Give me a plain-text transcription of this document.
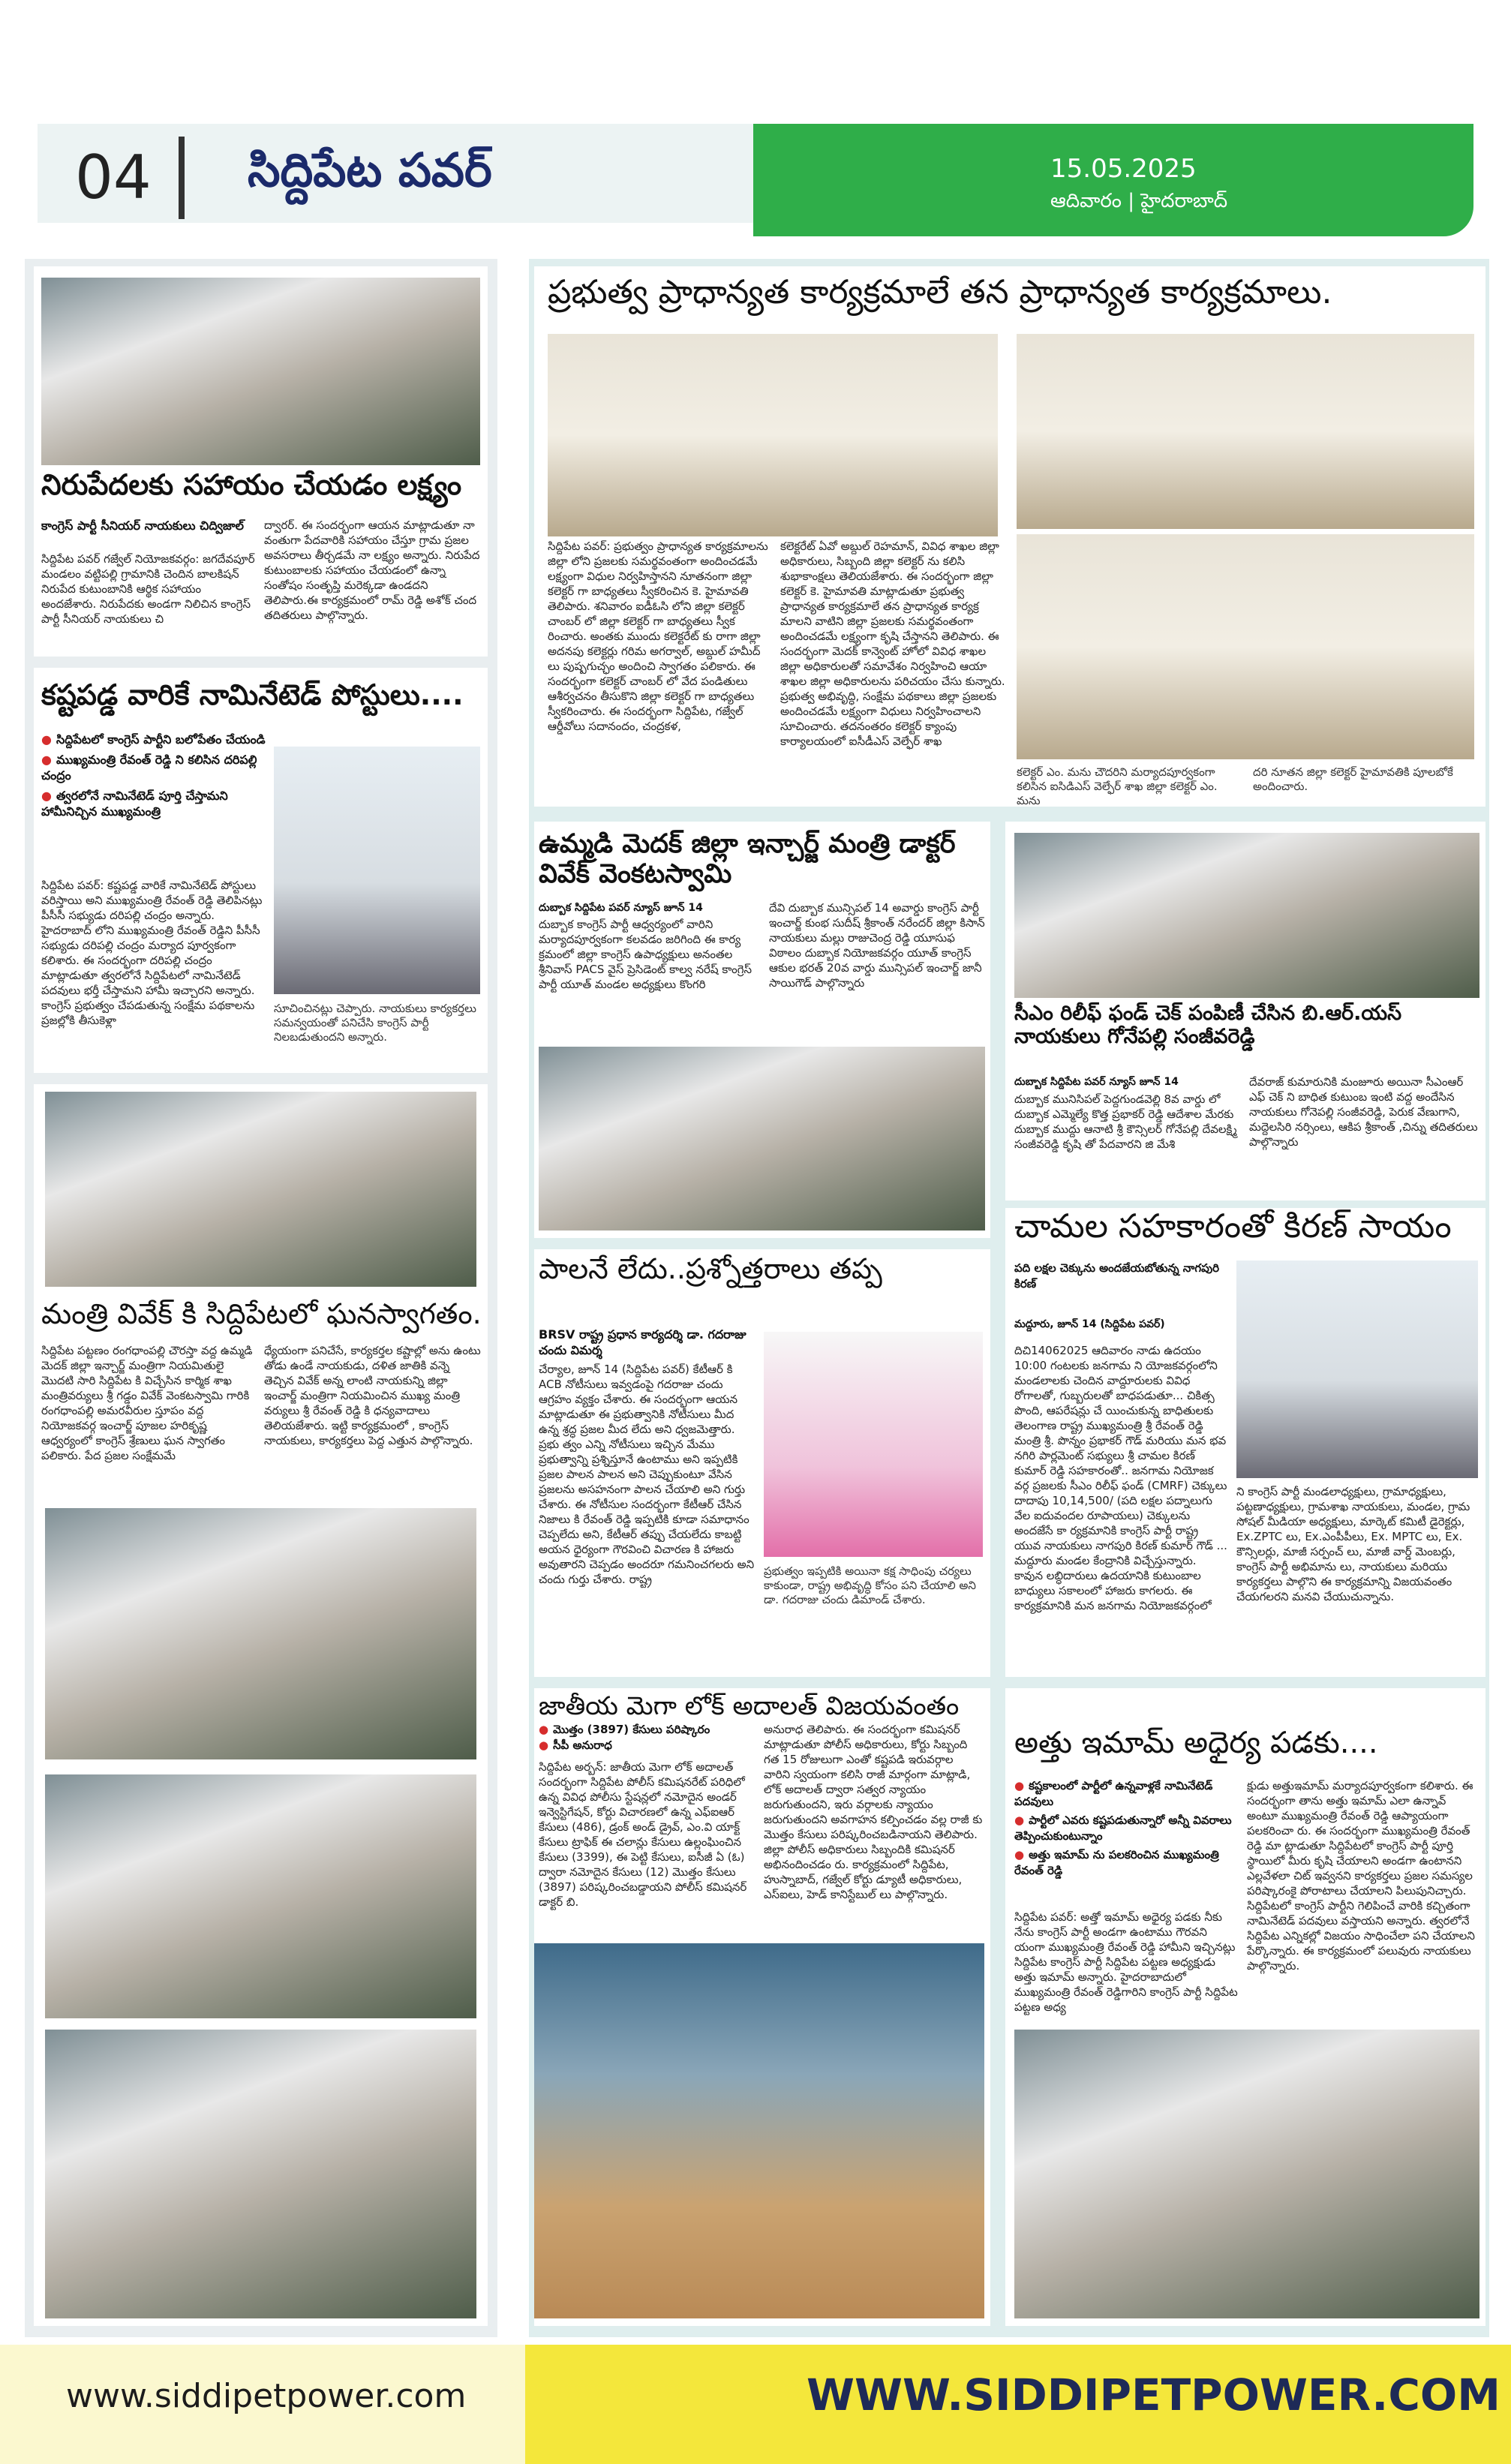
04 సిద్దిపేట పవర్	15.05.2025
ఆదివారం | హైదరాబాద్
నిరుపేదలకు సహాయం చేయడం లక్ష్యం
కాంగ్రెస్ పార్టీ సీనియర్ నాయకులు చిద్విజాల్
సిద్దిపేట పవర్ గజ్వేల్ నియోజకవర్గం: జగదేవపూర్ మండలం వట్టిపల్లి గ్రామానికి చెందిన బాలకిషన్ నిరుపేద కుటుంబానికి ఆర్థిక సహాయం అందజేశారు. నిరుపేదకు అండగా నిలిచిన కాంగ్రెస్ పార్టీ సీనియర్ నాయకులు చి
ద్వారర్. ఈ సందర్భంగా ఆయన మాట్లాడుతూ నా వంతుగా పేదవారికి సహాయం చేస్తూ గ్రామ ప్రజల అవసరాలు తీర్చడమే నా లక్ష్యం అన్నారు. నిరుపేద కుటుంబాలకు సహాయం చేయడంలో ఉన్నా సంతోషం సంతృప్తి మరెక్కడా ఉండదని తెలిపారు.ఈ కార్యక్రమంలో రామ్ రెడ్డి అశోక్ చంద తదితరులు పాల్గొన్నారు.
కష్టపడ్డ వారికే నామినేటెడ్ పోస్టులు....
● సిద్దిపేటలో కాంగ్రెస్ పార్టీని బలోపేతం చేయండి
● ముఖ్యమంత్రి రేవంత్ రెడ్డి ని కలిసిన దరిపల్లి చంద్రం
● త్వరలోనే నామినేటెడ్ పూర్తి చేస్తామని హామీనిచ్చిన ముఖ్యమంత్రి
సిద్దిపేట పవర్: కష్టపడ్డ వారికే నామినేటెడ్ పోస్టులు వరిస్తాయి అని ముఖ్యమంత్రి రేవంత్ రెడ్డి తెలిపినట్లు పీసీసీ సభ్యుడు దరిపల్లి చంద్రం అన్నారు. హైదరాబాద్ లోని ముఖ్యమంత్రి రేవంత్ రెడ్డిని పీసీసీ సభ్యుడు దరిపల్లి చంద్రం మర్యాద పూర్వకంగా కలిశారు. ఈ సందర్భంగా దరిపల్లి చంద్రం మాట్లాడుతూ త్వరలోనే సిద్దిపేటలో నామినేటెడ్ పదవులు భర్తీ చేస్తామని హామీ ఇచ్చారని అన్నారు. కాంగ్రెస్ ప్రభుత్వం చేపడుతున్న సంక్షేమ పథకాలను ప్రజల్లోకి తీసుకెళ్లా
సూచించినట్లు చెప్పారు. నాయకులు కార్యకర్తలు సమన్వయంతో పనిచేసి కాంగ్రెస్ పార్టీ నిలబడుతుందని అన్నారు.
మంత్రి వివేక్ కి సిద్దిపేటలో ఘనస్వాగతం.
సిద్దిపేట పట్టణం రంగధాంపల్లి చౌరస్తా వద్ద ఉమ్మడి మెదక్ జిల్లా ఇన్చార్జ్ మంత్రిగా నియమితులై మొదటి సారి సిద్దిపేట కి విచ్చేసిన కార్మిక శాఖ మంత్రివర్యులు శ్రీ గడ్డం వివేక్ వెంకటస్వామి గారికి రంగధాంపల్లి అమరవీరుల స్తూపం వద్ద నియోజకవర్గ ఇంచార్జ్ పూజల హరికృష్ణ ఆధ్వర్యంలో కాంగ్రెస్ శ్రేణులు ఘన స్వాగతం పలికారు. పేద ప్రజల సంక్షేమమే
ధ్యేయంగా పనిచేసే, కార్యకర్తల కష్టాల్లో అను ఉంటు తోడు ఉండే నాయకుడు, దళిత జాతికి వన్నె తెచ్చిన వివేక్ అన్న లాంటి నాయకున్ని జిల్లా ఇంచార్జ్ మంత్రిగా నియమించిన ముఖ్య మంత్రి వర్యులు శ్రీ రేవంత్ రెడ్డి కి ధన్యవాదాలు తెలియజేశారు. ఇట్టి కార్యక్రమంలో , కాంగ్రెస్ నాయకులు, కార్యకర్తలు పెద్ద ఎత్తున పాల్గొన్నారు.
ప్రభుత్వ ప్రాధాన్యత కార్యక్రమాలే తన ప్రాధాన్యత కార్యక్రమాలు.
సిద్దిపేట పవర్: ప్రభుత్వం ప్రాధాన్యత కార్యక్రమాలను జిల్లా లోని ప్రజలకు సమర్థవంతంగా అందించడమే లక్ష్యంగా విధుల నిర్వహిస్తానని నూతనంగా జిల్లా కలెక్టర్ గా బాధ్యతలు స్వీకరించిన కె. హైమావతి తెలిపారు. శనివారం ఐడీఓసి లోని జిల్లా కలెక్టర్ చాంబర్ లో జిల్లా కలెక్టర్ గా బాధ్యతలు స్వీక రించారు. అంతకు ముందు కలెక్టరేట్ కు రాగా జిల్లా అదనపు కలెక్టర్లు గరిమ అగర్వాల్, అబ్దుల్ హమీద్ లు పుష్పగుచ్ఛం అందించి స్వాగతం పలికారు. ఈ సందర్భంగా కలెక్టర్ చాంబర్ లో వేద పండితులు ఆశీర్వచనం తీసుకొని జిల్లా కలెక్టర్ గా బాధ్యతలు స్వీకరించారు. ఈ సందర్భంగా సిద్దిపేట, గజ్వేల్ ఆర్డీవోలు సదానందం, చంద్రకళ,
కలెక్టరేట్ ఏవో అబ్దుల్ రెహమాన్, వివిధ శాఖల జిల్లా అధికారులు, సిబ్బంది జిల్లా కలెక్టర్ ను కలిసి శుభాకాంక్షలు తెలియజేశారు. ఈ సందర్భంగా జిల్లా కలెక్టర్ కె. హైమావతి మాట్లాడుతూ ప్రభుత్వ ప్రాధాన్యత కార్యక్రమాలే తన ప్రాధాన్యత కార్యక్ర మాలని వాటిని జిల్లా ప్రజలకు సమర్థవంతంగా అందించడమే లక్ష్యంగా కృషి చేస్తానని తెలిపారు. ఈ సందర్భంగా మెదక్ కాన్వెంట్ హోలో వివిధ శాఖల జిల్లా అధికారులతో సమావేశం నిర్వహించి ఆయా శాఖల జిల్లా అధికారులను పరిచయం చేసు కున్నారు. ప్రభుత్వ అభివృద్ధి, సంక్షేమ పథకాలు జిల్లా ప్రజలకు అందించడమే లక్ష్యంగా విధులు నిర్వహించాలని సూచించారు. తదనంతరం కలెక్టర్ క్యాంపు కార్యాలయంలో ఐసీడీఎస్ వెల్ఫేర్ శాఖ
కలెక్టర్ ఎం. మను చౌదరిని మర్యాదపూర్వకంగా కలిసిన ఐసిడిఎస్ వెల్ఫేర్ శాఖ జిల్లా కలెక్టర్ ఎం. మను
దరి నూతన జిల్లా కలెక్టర్ హైమావతికి పూలబోకే అందించారు.
ఉమ్మడి మెదక్ జిల్లా ఇన్చార్జ్ మంత్రి డాక్టర్ వివేక్ వెంకటస్వామి
దుబ్బాక సిద్దిపేట పవర్ న్యూస్ జూన్ 14
దుబ్బాక కాంగ్రెస్ పార్టీ ఆధ్వర్యంలో వారిని మర్యాదపూర్వకంగా కలవడం జరిగింది ఈ కార్య క్రమంలో జిల్లా కాంగ్రెస్ ఉపాధ్యక్షులు అనంతల శ్రీనివాస్ PACS వైస్ ప్రెసిడెంట్ కాల్వ నరేష్ కాంగ్రెస్ పార్టీ యూత్ మండల అధ్యక్షులు కొంగరి
దేవి దుబ్బాక మున్సిపల్ 14 అవార్డు కాంగ్రెస్ పార్టీ ఇంచార్జ్ కుంభ సుదీష్ శ్రీకాంత్ నరేందర్ జిల్లా కిసాన్ నాయకులు మల్లు రాజుచెంద్ర రెడ్డి యూసుఫ విఠాలం దుబ్బాక నియోజకవర్గం యూత్ కాంగ్రెస్ ఆకుల భరత్ 20వ వార్డు మున్సిపల్ ఇంచార్జ్ జానీ సాయిగౌడ్ పాల్గొన్నారు
సీఎం రిలీఫ్ ఫండ్ చెక్ పంపిణీ చేసిన బి.ఆర్.యస్ నాయకులు గోనేపల్లి సంజీవరెడ్డి
దుబ్బాక సిద్దిపేట పవర్ న్యూస్ జూన్ 14
దుబ్బాక మునిసిపల్ పెద్దగుండవెల్లి 8వ వార్డు లో దుబ్బాక ఎమ్మెల్యే కొత్త ప్రభాకర్ రెడ్డి ఆదేశాల మేరకు దుబ్బాక ముద్దు ఆనాటి శ్రీ కౌన్సిలర్ గోనేపల్లి దేవలక్ష్మి సంజీవరెడ్డి కృషి తో పేదవారని జి మేశి
దేవరాజ్ కుమారునికి మంజూరు అయినా సీఎంఆర్ ఎఫ్ చెక్ ని బాధిత కుటుంబ ఇంటి వద్ద అందేసిన నాయకులు గోనెపల్లి సంజీవరెడ్డి, పెరుక వేణుగాని, మద్దెలసిరి నర్సింలు, ఆకిప శ్రీకాంత్ ,చిన్ను తదితరులు పాల్గొన్నారు
పాలనే లేదు..ప్రశ్నోత్తరాలు తప్ప
BRSV రాష్ట్ర ప్రధాన కార్యదర్శి డా. గదరాజు చందు విమర్శ
చేర్యాల, జూన్ 14 (సిద్దిపేట పవర్) కేటీఆర్ కి ACB నోటీసులు ఇవ్వడంపై గదరాజు చందు ఆగ్రహం వ్యక్తం చేశారు. ఈ సందర్భంగా ఆయన మాట్లాడుతూ ఈ ప్రభుత్వానికి నోటీసులు మీద ఉన్న శ్రద్ధ ప్రజల మీద లేదు అని ధ్వజమెత్తారు. ప్రభు త్వం ఎన్ని నోటీసులు ఇచ్చిన మేము ప్రభుత్వాన్ని ప్రశ్నిస్తూనే ఉంటాము అని ఇప్పటికి ప్రజల పాలన పాలన అని చెప్పుకుంటూ వేసిన ప్రజలను అసహనంగా పాలన చేయాలి అని గుర్తు చేశారు. ఈ నోటీసుల సందర్భంగా కేటీఆర్ చేసిన నిజాలు కి రేవంత్ రెడ్డి ఇప్పటికి కూడా సమాధానం చెప్పలేదు అని, కేటీఆర్ తప్పు చేయలేదు కాబట్టి అయన ధైర్యంగా గౌరవించి విచారణ కి హాజరు అవుతారని చెప్పడం అందరూ గమనించగలరు అని చందు గుర్తు చేశారు. రాష్ట్ర
ప్రభుత్వం ఇప్పటికి అయినా కక్ష సాధింపు చర్యలు కాకుండా, రాష్ట్ర అభివృద్ధి కోసం పని చేయాలి అని డా. గదరాజు చందు డిమాండ్ చేశారు.
చామల సహకారంతో కిరణ్ సాయం
పది లక్షల చెక్కును అందజేయబోతున్న నాగపురి కిరణ్
మద్దూరు, జూన్ 14 (సిద్దిపేట పవర్)
దిచి14062025 ఆదివారం నాడు ఉదయం 10:00 గంటలకు జనగామ ని యోజకవర్గంలోని మండలాలకు చెందిన వాద్దూరులకు వివిధ రోగాలతో, గుబ్బరులతో బాధపడుతూ... చికిత్స పొంది, ఆపరేషన్లు చే యించుకున్న బాధితులకు తెలంగాణ రాష్ట్ర ముఖ్యమంత్రి శ్రీ రేవంత్ రెడ్డి మంత్రి శ్రీ. పొన్నం ప్రభాకర్ గౌడ్ మరియు మన భవ నగిరి పార్లమెంట్ సభ్యులు శ్రీ చామల కిరణ్ కుమార్ రెడ్డి సహకారంతో.. జనగామ నియోజక వర్గ ప్రజలకు సీఎం రిలీఫ్ ఫండ్ (CMRF) చెక్కులు దాదాపు 10,14,500/ (పది లక్షల పద్నాలుగు వేల ఐదువందల రూపాయలు) చెక్కులను అందజేసే కా ర్యక్రమానికి కాంగ్రెస్ పార్టీ రాష్ట్ర యువ నాయకులు నాగపురి కిరణ్ కుమార్ గౌడ్ ... మద్దూరు మండల కేంద్రానికి విచ్చేస్తున్నారు. కావున లబ్ధిదారులు ఉదయానికి కుటుంబాల బాధ్యులు సకాలంలో హాజరు కాగలరు. ఈ కార్యక్రమానికి మన జనగామ నియోజకవర్గంలో
ని కాంగ్రెస్ పార్టీ మండలాధ్యక్షులు, గ్రామాధ్యక్షులు, పట్టణాధ్యక్షులు, గ్రామశాఖ నాయకులు, మండల, గ్రామ సోషల్ మీడియా అధ్యక్షులు, మార్కెట్ కమిటీ డైరెక్టర్లు, Ex.ZPTC లు, Ex.ఎంపీపీలు, Ex. MPTC లు, Ex. కౌన్సిలర్లు, మాజీ సర్పంచ్ లు, మాజీ వార్డ్ మెంబర్లు, కాంగ్రెస్ పార్టీ అభిమాను లు, నాయకులు మరియు కార్యకర్తలు పాల్గొని ఈ కార్యక్రమాన్ని విజయవంతం చేయగలరని మనవి చేయుచున్నాను.
జాతీయ మెగా లోక్ అదాలత్ విజయవంతం
● మొత్తం (3897) కేసులు పరిష్కారం
● సీపీ అనురాధ
సిద్దిపేట అర్బన్: జాతీయ మెగా లోక్ అదాలత్ సందర్భంగా సిద్దిపేట పోలీస్ కమిషనరేట్ పరిధిలో ఉన్న వివిధ పోలీసు స్టేషన్లలో నమోదైన అండర్ ఇన్వెస్టిగేషన్, కోర్టు విచారణలో ఉన్న ఎఫ్ఐఆర్ కేసులు (486), డ్రంక్ అండ్ డ్రైవ్, ఎం.వి యాక్ట్ కేసులు ట్రాఫిక్ ఈ చలాన్లు కేసులు ఉల్లంఘించిన కేసులు (3399), ఈ పెట్టి కేసులు, ఐసీజీ ఏ (ఓ) ద్వారా నమోదైన కేసులు (12) మొత్తం కేసులు (3897) పరిష్కరించబడ్డాయని పోలీస్ కమిషనర్ డాక్టర్ బి.
అనురాధ తెలిపారు. ఈ సందర్భంగా కమిషనర్ మాట్లాడుతూ పోలీస్ అధికారులు, కోర్టు సిబ్బంది గత 15 రోజులుగా ఎంతో కష్టపడి ఇరువర్గాల వారిని స్వయంగా కలిసి రాజీ మార్గంగా మాట్లాడి, లోక్ అదాలత్ ద్వారా సత్వర న్యాయం జరుగుతుందని, ఇరు వర్గాలకు న్యాయం జరుగుతుందని అవగాహన కల్పించడం వల్ల రాజీ కు మొత్తం కేసులు పరిష్కరించబడినాయని తెలిపారు. జిల్లా పోలీస్ అధికారులు సిబ్బందికి కమిషనర్ అభినందించడం రు. కార్యక్రమంలో సిద్దిపేట, హుస్నాబాద్, గజ్వేల్ కోర్టు డ్యూటీ అధికారులు, ఎస్ఐలు, హెడ్ కానిస్టేబుల్ లు పాల్గొన్నారు.
అత్తు ఇమామ్ అధైర్య పడకు....
● కష్టకాలంలో పార్టీలో ఉన్నవాళ్లకే నామినేటెడ్ పదవులు
● పార్టీలో ఎవరు కష్టపడుతున్నారో అన్నీ వివరాలు తెప్పించుకుంటున్నాం
● అత్తు ఇమామ్ ను పలకరించిన ముఖ్యమంత్రి రేవంత్ రెడ్డి
సిద్దిపేట పవర్: అత్తో ఇమామ్ అధైర్య పడకు నీకు నేను కాంగ్రెస్ పార్టీ అండగా ఉంటాము గౌరవని యంగా ముఖ్యమంత్రి రేవంత్ రెడ్డి హామీని ఇచ్చినట్లు సిద్దిపేట కాంగ్రెస్ పార్టీ సిద్దిపేట పట్టణ అధ్యక్షుడు అత్తు ఇమామ్ అన్నారు. హైదరాబాదులో ముఖ్యమంత్రి రేవంత్ రెడ్డిగారిని కాంగ్రెస్ పార్టీ సిద్దిపేట పట్టణ అధ్య
క్షుడు అత్తుఇమామ్ మర్యాదపూర్వకంగా కలిశారు. ఈ సందర్భంగా తాను అత్తు ఇమామ్ ఎలా ఉన్నావ్ అంటూ ముఖ్యమంత్రి రేవంత్ రెడ్డి ఆప్యాయంగా పలకరించా రు. ఈ సందర్భంగా ముఖ్యమంత్రి రేవంత్ రెడ్డి మా ట్లాడుతూ సిద్దిపేటలో కాంగ్రెస్ పార్టీ పూర్తి స్థాయిలో మీరు కృషి చేయాలని అండగా ఉంటానని ఎల్లవేళలా చిట్ ఇవ్వనని కార్యకర్తలు ప్రజల సమస్యల పరిష్కారంకై పోరాటాలు చేయాలని పిలుపునిచ్చారు. సిద్దిపేటలో కాంగ్రెస్ పార్టీని గెలిపించే వారికి కచ్చితంగా నామినేటెడ్ పదవులు వస్తాయని అన్నారు. త్వరలోనే సిద్దిపేట ఎన్నికల్లో విజయం సాధించేలా పని చేయాలని పేర్కొన్నారు. ఈ కార్యక్రమంలో పలువురు నాయకులు పాల్గొన్నారు.
www.siddipetpower.com	WWW.SIDDIPETPOWER.COM
